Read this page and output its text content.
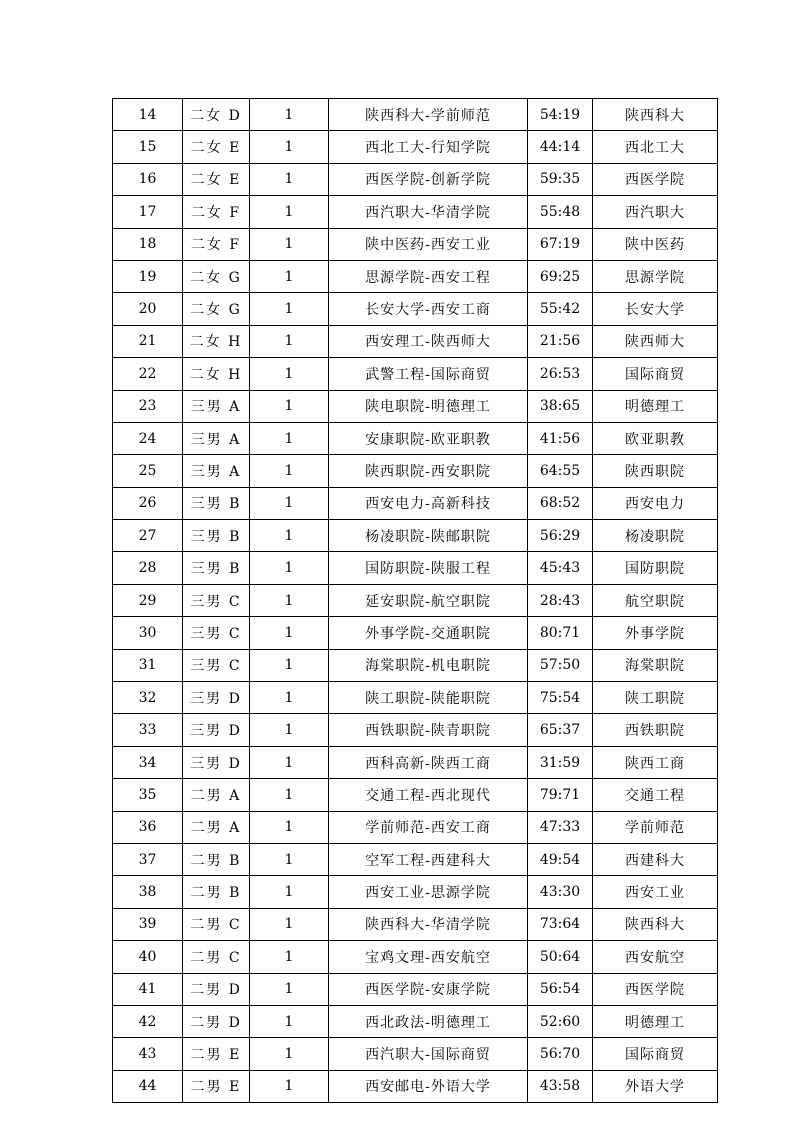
14	二女 D	1	陕西科大-学前师范	54:19	陕西科大
15	二女 E	1	西北工大-行知学院	44:14	西北工大
16	二女 E	1	西医学院-创新学院	59:35	西医学院
17	二女 F	1	西汽职大-华清学院	55:48	西汽职大
18	二女 F	1	陕中医药-西安工业	67:19	陕中医药
19	二女 G	1	思源学院-西安工程	69:25	思源学院
20	二女 G	1	长安大学-西安工商	55:42	长安大学
21	二女 H	1	西安理工-陕西师大	21:56	陕西师大
22	二女 H	1	武警工程-国际商贸	26:53	国际商贸
23	三男 A	1	陕电职院-明德理工	38:65	明德理工
24	三男 A	1	安康职院-欧亚职教	41:56	欧亚职教
25	三男 A	1	陕西职院-西安职院	64:55	陕西职院
26	三男 B	1	西安电力-高新科技	68:52	西安电力
27	三男 B	1	杨凌职院-陕邮职院	56:29	杨凌职院
28	三男 B	1	国防职院-陕服工程	45:43	国防职院
29	三男 C	1	延安职院-航空职院	28:43	航空职院
30	三男 C	1	外事学院-交通职院	80:71	外事学院
31	三男 C	1	海棠职院-机电职院	57:50	海棠职院
32	三男 D	1	陕工职院-陕能职院	75:54	陕工职院
33	三男 D	1	西铁职院-陕青职院	65:37	西铁职院
34	三男 D	1	西科高新-陕西工商	31:59	陕西工商
35	二男 A	1	交通工程-西北现代	79:71	交通工程
36	二男 A	1	学前师范-西安工商	47:33	学前师范
37	二男 B	1	空军工程-西建科大	49:54	西建科大
38	二男 B	1	西安工业-思源学院	43:30	西安工业
39	二男 C	1	陕西科大-华清学院	73:64	陕西科大
40	二男 C	1	宝鸡文理-西安航空	50:64	西安航空
41	二男 D	1	西医学院-安康学院	56:54	西医学院
42	二男 D	1	西北政法-明德理工	52:60	明德理工
43	二男 E	1	西汽职大-国际商贸	56:70	国际商贸
44	二男 E	1	西安邮电-外语大学	43:58	外语大学
